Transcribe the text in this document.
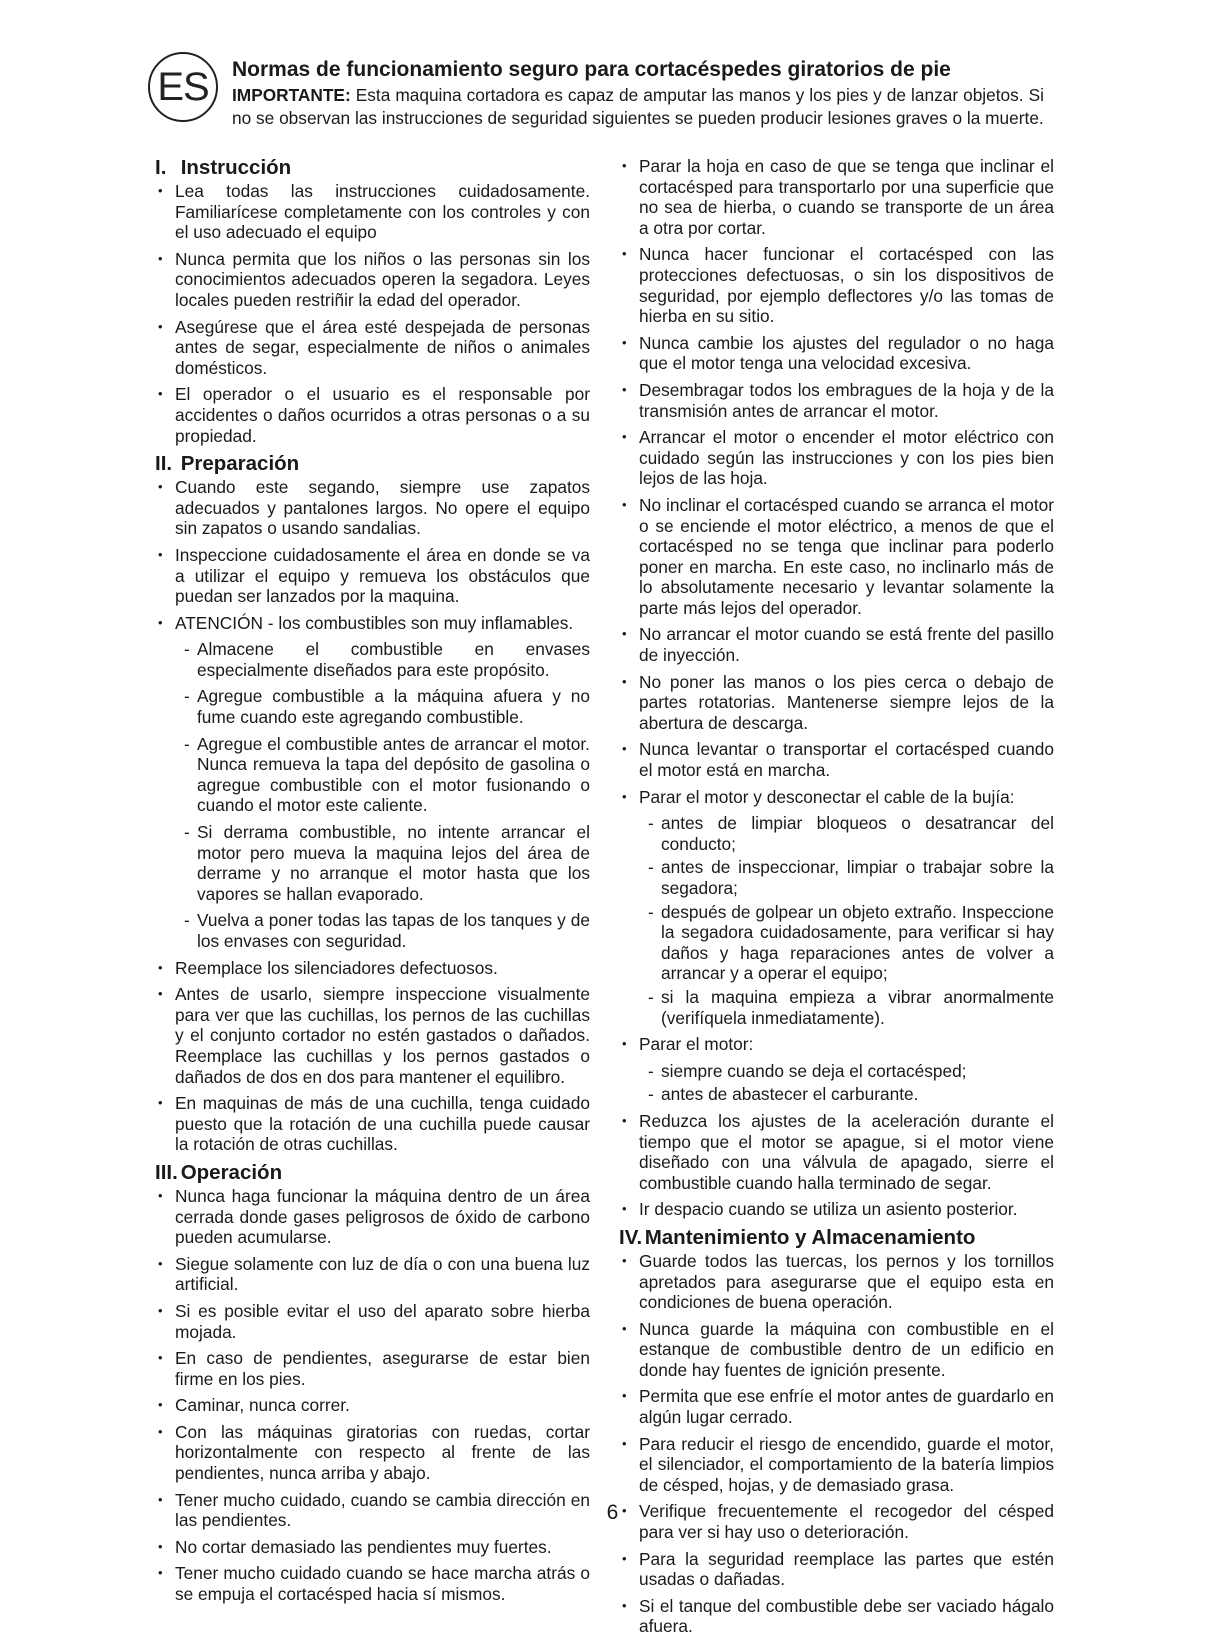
ES	Normas de funcionamiento seguro para cortacéspedes giratorios de pie
IMPORTANTE: Esta maquina cortadora es capaz de amputar las manos y los pies y de lanzar objetos. Si no se observan las instrucciones de seguridad siguientes se pueden producir lesiones graves o la muerte.
I. Instrucción
• Lea todas las instrucciones cuidadosamente. Familiarícese completamente con los controles y con el uso adecuado el equipo
• Nunca permita que los niños o las personas sin los conocimientos adecuados operen la segadora. Leyes locales pueden restriñir la edad del operador.
• Asegúrese que el área esté despejada de personas antes de segar, especialmente de niños o animales domésticos.
• El operador o el usuario es el responsable por accidentes o daños ocurridos a otras personas o a su propiedad.
II. Preparación
• Cuando este segando, siempre use zapatos adecuados y pantalones largos. No opere el equipo sin zapatos o usando sandalias.
• Inspeccione cuidadosamente el área en donde se va a utilizar el equipo y remueva los obstáculos que puedan ser lanzados por la maquina.
• ATENCIÓN - los combustibles son muy inflamables.
- Almacene el combustible en envases especialmente diseñados para este propósito.
- Agregue combustible a la máquina afuera y no fume cuando este agregando combustible.
- Agregue el combustible antes de arrancar el motor. Nunca remueva la tapa del depósito de gasolina o agregue combustible con el motor fusionando o cuando el motor este caliente.
- Si derrama combustible, no intente arrancar el motor pero mueva la maquina lejos del área de derrame y no arranque el motor hasta que los vapores se hallan evaporado.
- Vuelva a poner todas las tapas de los tanques y de los envases con seguridad.
• Reemplace los silenciadores defectuosos.
• Antes de usarlo, siempre inspeccione visualmente para ver que las cuchillas, los pernos de las cuchillas y el conjunto cortador no estén gastados o dañados. Reemplace las cuchillas y los pernos gastados o dañados de dos en dos para mantener el equilibro.
• En maquinas de más de una cuchilla, tenga cuidado puesto que la rotación de una cuchilla puede causar la rotación de otras cuchillas.
III. Operación
• Nunca haga funcionar la máquina dentro de un área cerrada donde gases peligrosos de óxido de carbono pueden acumularse.
• Siegue solamente con luz de día o con una buena luz artificial.
• Si es posible evitar el uso del aparato sobre hierba mojada.
• En caso de pendientes, asegurarse de estar bien firme en los pies.
• Caminar, nunca correr.
• Con las máquinas giratorias con ruedas, cortar horizontalmente con respecto al frente de las pendientes, nunca arriba y abajo.
• Tener mucho cuidado, cuando se cambia dirección en las pendientes.
• No cortar demasiado las pendientes muy fuertes.
• Tener mucho cuidado cuando se hace marcha atrás o se empuja el cortacésped hacia sí mismos.
• Parar la hoja en caso de que se tenga que inclinar el cortacésped para transportarlo por una superficie que no sea de hierba, o cuando se transporte de un área a otra por cortar.
• Nunca hacer funcionar el cortacésped con las protecciones defectuosas, o sin los dispositivos de seguridad, por ejemplo deflectores y/o las tomas de hierba en su sitio.
• Nunca cambie los ajustes del regulador o no haga que el motor tenga una velocidad excesiva.
• Desembragar todos los embragues de la hoja y de la transmisión antes de arrancar el motor.
• Arrancar el motor o encender el motor eléctrico con cuidado según las instrucciones y con los pies bien lejos de las hoja.
• No inclinar el cortacésped cuando se arranca el motor o se enciende el motor eléctrico, a menos de que el cortacésped no se tenga que inclinar para poderlo poner en marcha. En este caso, no inclinarlo más de lo absolutamente necesario y levantar solamente la parte más lejos del operador.
• No arrancar el motor cuando se está frente del pasillo de inyección.
• No poner las manos o los pies cerca o debajo de partes rotatorias. Mantenerse siempre lejos de la abertura de descarga.
• Nunca levantar o transportar el cortacésped cuando el motor está en marcha.
• Parar el motor y desconectar el cable de la bujía:
- antes de limpiar bloqueos o desatrancar del conducto;
- antes de inspeccionar, limpiar o trabajar sobre la segadora;
- después de golpear un objeto extraño. Inspeccione la segadora cuidadosamente, para verificar si hay daños y haga reparaciones antes de volver a arrancar y a operar el equipo;
- si la maquina empieza a vibrar anormalmente (verifíquela inmediatamente).
• Parar el motor:
- siempre cuando se deja el cortacésped;
- antes de abastecer el carburante.
• Reduzca los ajustes de la aceleración durante el tiempo que el motor se apague, si el motor viene diseñado con una válvula de apagado, sierre el combustible cuando halla terminado de segar.
• Ir despacio cuando se utiliza un asiento posterior.
IV. Mantenimiento y Almacenamiento
• Guarde todos las tuercas, los pernos y los tornillos apretados para asegurarse que el equipo esta en condiciones de buena operación.
• Nunca guarde la máquina con combustible en el estanque de combustible dentro de un edificio en donde hay fuentes de ignición presente.
• Permita que ese enfríe el motor antes de guardarlo en algún lugar cerrado.
• Para reducir el riesgo de encendido, guarde el motor, el silenciador, el comportamiento de la batería limpios de césped, hojas, y de demasiado grasa.
• Verifique frecuentemente el recogedor del césped para ver si hay uso o deterioración.
• Para la seguridad reemplace las partes que estén usadas o dañadas.
• Si el tanque del combustible debe ser vaciado hágalo afuera.
6
